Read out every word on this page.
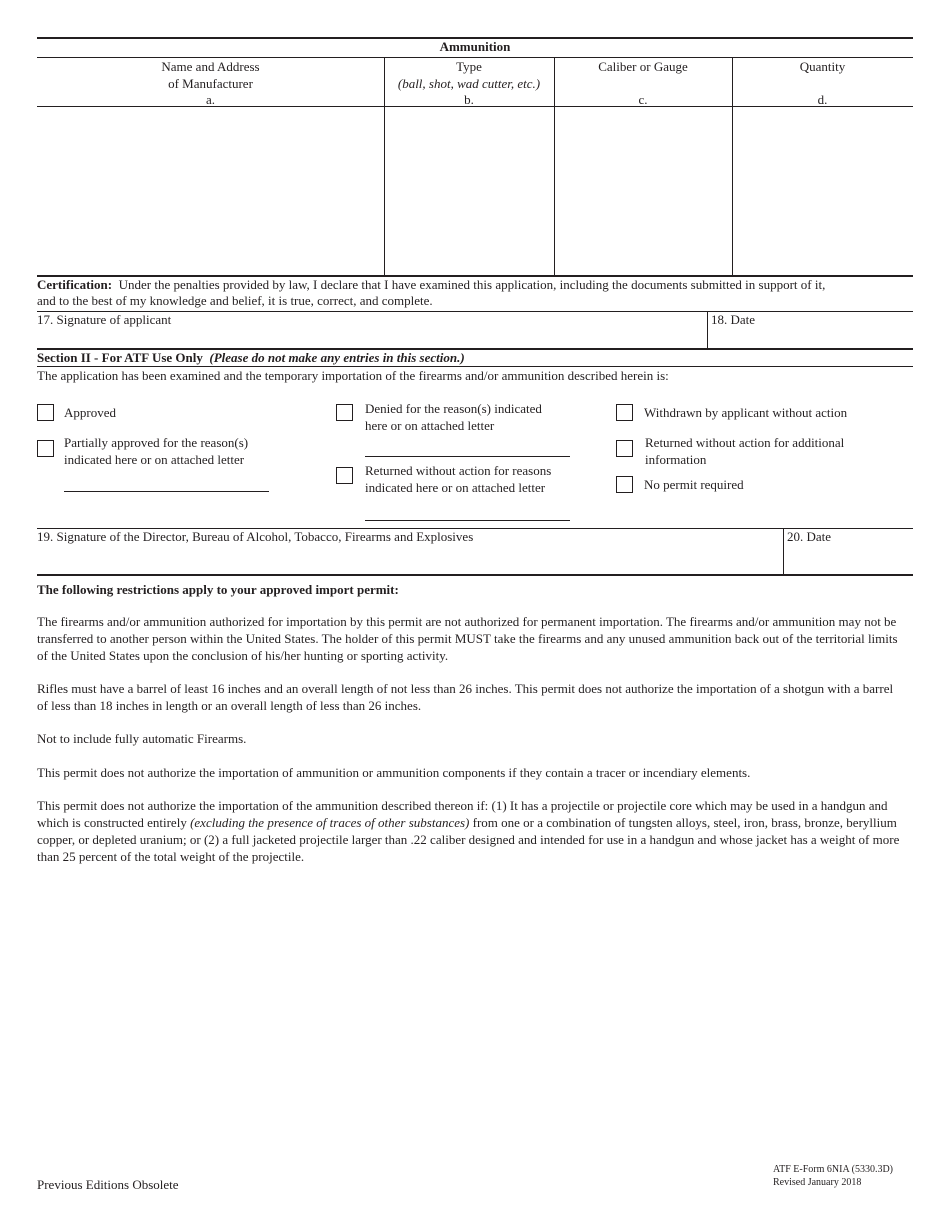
Ammunition
Name and Address
of Manufacturer
a.
Type
(ball, shot, wad cutter, etc.)
b.
Caliber or Gauge
c.
Quantity
d.
Certification: Under the penalties provided by law, I declare that I have examined this application, including the documents submitted in support of it,
and to the best of my knowledge and belief, it is true, correct, and complete.
17. Signature of applicant	18. Date
Section II - For ATF Use Only (Please do not make any entries in this section.)
The application has been examined and the temporary importation of the firearms and/or ammunition described herein is:
Approved
Partially approved for the reason(s)
indicated here or on attached letter
Denied for the reason(s) indicated
here or on attached letter
Returned without action for reasons
indicated here or on attached letter
Withdrawn by applicant without action
Returned without action for additional
information
No permit required
19. Signature of the Director, Bureau of Alcohol, Tobacco, Firearms and Explosives	20. Date
The following restrictions apply to your approved import permit:
The firearms and/or ammunition authorized for importation by this permit are not authorized for permanent importation. The firearms and/or ammunition may not be transferred to another person within the United States. The holder of this permit MUST take the firearms and any unused ammunition back out of the territorial limits of the United States upon the conclusion of his/her hunting or sporting activity.
Rifles must have a barrel of least 16 inches and an overall length of not less than 26 inches. This permit does not authorize the importation of a shotgun with a barrel of less than 18 inches in length or an overall length of less than 26 inches.
Not to include fully automatic Firearms.
This permit does not authorize the importation of ammunition or ammunition components if they contain a tracer or incendiary elements.
This permit does not authorize the importation of the ammunition described thereon if: (1) It has a projectile or projectile core which may be used in a handgun and which is constructed entirely (excluding the presence of traces of other substances) from one or a combination of tungsten alloys, steel, iron, brass, bronze, beryllium copper, or depleted uranium; or (2) a full jacketed projectile larger than .22 caliber designed and intended for use in a handgun and whose jacket has a weight of more than 25 percent of the total weight of the projectile.
Previous Editions Obsolete
ATF E-Form 6NIA (5330.3D)
Revised January 2018
